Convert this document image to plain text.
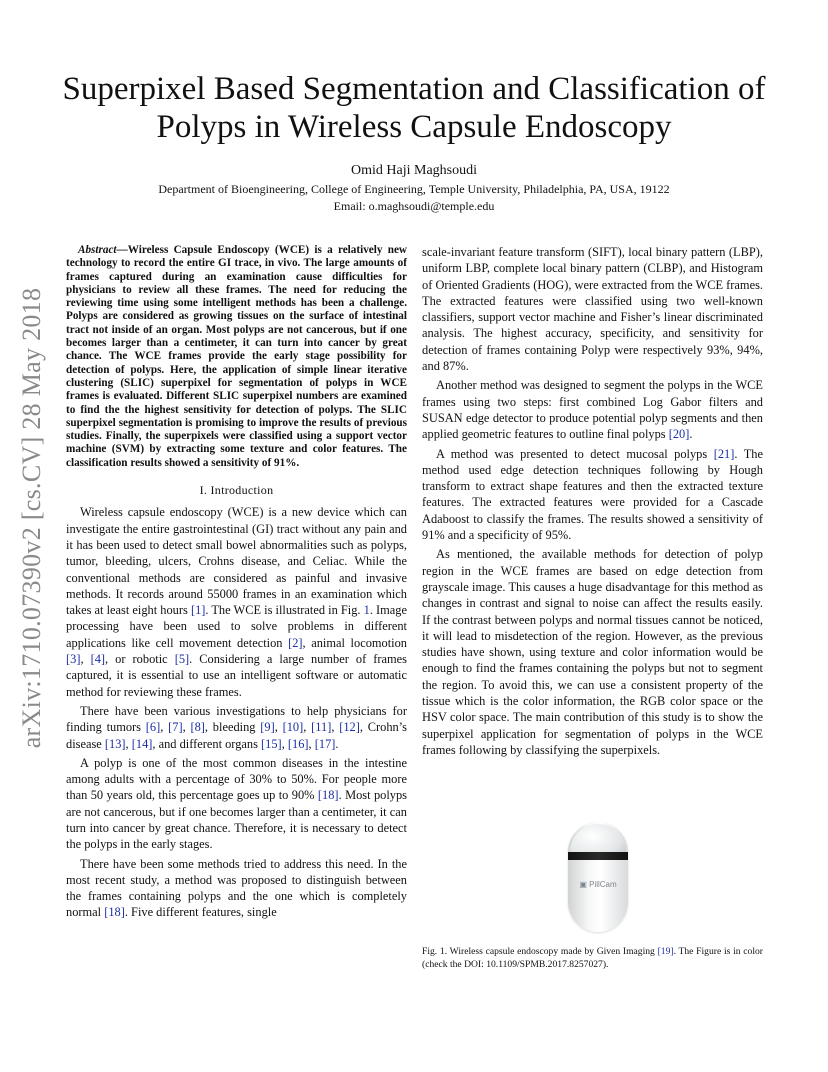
arXiv:1710.07390v2 [cs.CV] 28 May 2018
Superpixel Based Segmentation and Classification of Polyps in Wireless Capsule Endoscopy
Omid Haji Maghsoudi
Department of Bioengineering, College of Engineering, Temple University, Philadelphia, PA, USA, 19122
Email: o.maghsoudi@temple.edu

Abstract—Wireless Capsule Endoscopy (WCE) is a relatively new technology to record the entire GI trace, in vivo. The large amounts of frames captured during an examination cause difficulties for physicians to review all these frames. The need for reducing the reviewing time using some intelligent methods has been a challenge. Polyps are considered as growing tissues on the surface of intestinal tract not inside of an organ. Most polyps are not cancerous, but if one becomes larger than a centimeter, it can turn into cancer by great chance. The WCE frames provide the early stage possibility for detection of polyps. Here, the application of simple linear iterative clustering (SLIC) superpixel for segmentation of polyps in WCE frames is evaluated. Different SLIC superpixel numbers are examined to find the the highest sensitivity for detection of polyps. The SLIC superpixel segmentation is promising to improve the results of previous studies. Finally, the superpixels were classified using a support vector machine (SVM) by extracting some texture and color features. The classification results showed a sensitivity of 91%.

I. Introduction

Wireless capsule endoscopy (WCE) is a new device which can investigate the entire gastrointestinal (GI) tract without any pain and it has been used to detect small bowel abnormalities such as polyps, tumor, bleeding, ulcers, Crohns disease, and Celiac. While the conventional methods are considered as painful and invasive methods. It records around 55000 frames in an examination which takes at least eight hours [1]. The WCE is illustrated in Fig. 1. Image processing have been used to solve problems in different applications like cell movement detection [2], animal locomotion [3], [4], or robotic [5]. Considering a large number of frames captured, it is essential to use an intelligent software or automatic method for reviewing these frames.

There have been various investigations to help physicians for finding tumors [6], [7], [8], bleeding [9], [10], [11], [12], Crohn’s disease [13], [14], and different organs [15], [16], [17].

A polyp is one of the most common diseases in the intestine among adults with a percentage of 30% to 50%. For people more than 50 years old, this percentage goes up to 90% [18]. Most polyps are not cancerous, but if one becomes larger than a centimeter, it can turn into cancer by great chance. Therefore, it is necessary to detect the polyps in the early stages.

There have been some methods tried to address this need. In the most recent study, a method was proposed to distinguish between the frames containing polyps and the one which is completely normal [18]. Five different features, single

scale-invariant feature transform (SIFT), local binary pattern (LBP), uniform LBP, complete local binary pattern (CLBP), and Histogram of Oriented Gradients (HOG), were extracted from the WCE frames. The extracted features were classified using two well-known classifiers, support vector machine and Fisher’s linear discriminated analysis. The highest accuracy, specificity, and sensitivity for detection of frames containing Polyp were respectively 93%, 94%, and 87%.

Another method was designed to segment the polyps in the WCE frames using two steps: first combined Log Gabor filters and SUSAN edge detector to produce potential polyp segments and then applied geometric features to outline final polyps [20].

A method was presented to detect mucosal polyps [21]. The method used edge detection techniques following by Hough transform to extract shape features and then the extracted texture features. The extracted features were provided for a Cascade Adaboost to classify the frames. The results showed a sensitivity of 91% and a specificity of 95%.

As mentioned, the available methods for detection of polyp region in the WCE frames are based on edge detection from grayscale image. This causes a huge disadvantage for this method as changes in contrast and signal to noise can affect the results easily. If the contrast between polyps and normal tissues cannot be noticed, it will lead to misdetection of the region. However, as the previous studies have shown, using texture and color information would be enough to find the frames containing the polyps but not to segment the region. To avoid this, we can use a consistent property of the tissue which is the color information, the RGB color space or the HSV color space. The main contribution of this study is to show the superpixel application for segmentation of polyps in the WCE frames following by classifying the superpixels.

▣ PillCam
Fig. 1. Wireless capsule endoscopy made by Given Imaging [19]. The Figure is in color (check the DOI: 10.1109/SPMB.2017.8257027).
